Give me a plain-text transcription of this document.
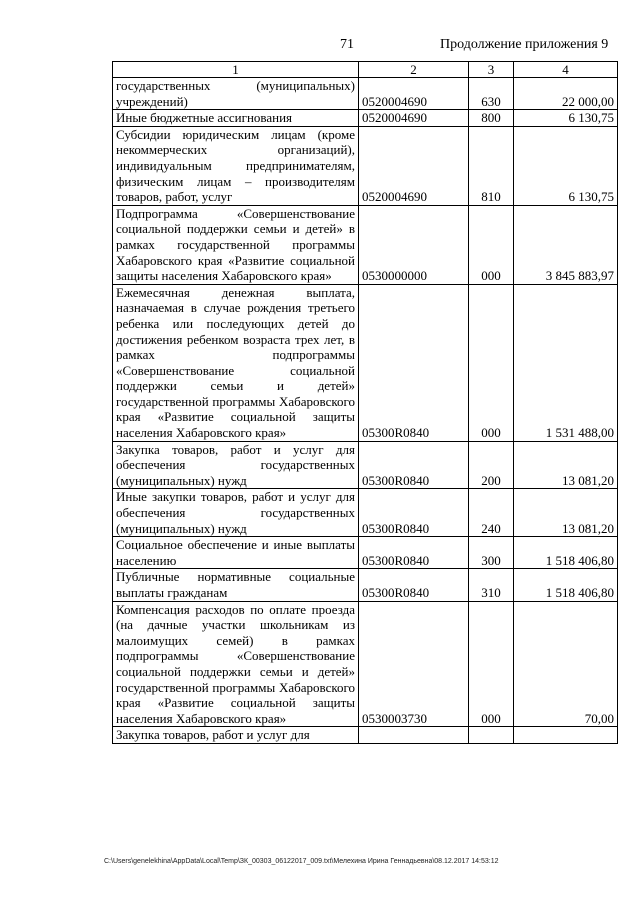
71	Продолжение приложения 9
1	2	3	4
государственных (муниципальных) учреждений)	0520004690	630	22 000,00
Иные бюджетные ассигнования	0520004690	800	6 130,75
Субсидии юридическим лицам (кроме некоммерческих организаций), индивидуальным предпринимателям, физическим лицам – производителям товаров, работ, услуг	0520004690	810	6 130,75
Подпрограмма «Совершенствование социальной поддержки семьи и детей» в рамках государственной программы Хабаровского края «Развитие социальной защиты населения Хабаровского края»	0530000000	000	3 845 883,97
Ежемесячная денежная выплата, назначаемая в случае рождения третьего ребенка или последующих детей до достижения ребенком возраста трех лет, в рамках подпрограммы «Совершенствование социальной поддержки семьи и детей» государственной программы Хабаровского края «Развитие социальной защиты населения Хабаровского края»	05300R0840	000	1 531 488,00
Закупка товаров, работ и услуг для обеспечения государственных (муниципальных) нужд	05300R0840	200	13 081,20
Иные закупки товаров, работ и услуг для обеспечения государственных (муниципальных) нужд	05300R0840	240	13 081,20
Социальное обеспечение и иные выплаты населению	05300R0840	300	1 518 406,80
Публичные нормативные социальные выплаты гражданам	05300R0840	310	1 518 406,80
Компенсация расходов по оплате проезда (на дачные участки школьникам из малоимущих семей) в рамках подпрограммы «Совершенствование социальной поддержки семьи и детей» государственной программы Хабаровского края «Развитие социальной защиты населения Хабаровского края»	0530003730	000	70,00
Закупка товаров, работ и услуг для			
C:\Users\genelekhina\AppData\Local\Temp\ЗК_00303_06122017_009.txt\Мелехина Ирина Геннадьевна\08.12.2017 14:53:12
